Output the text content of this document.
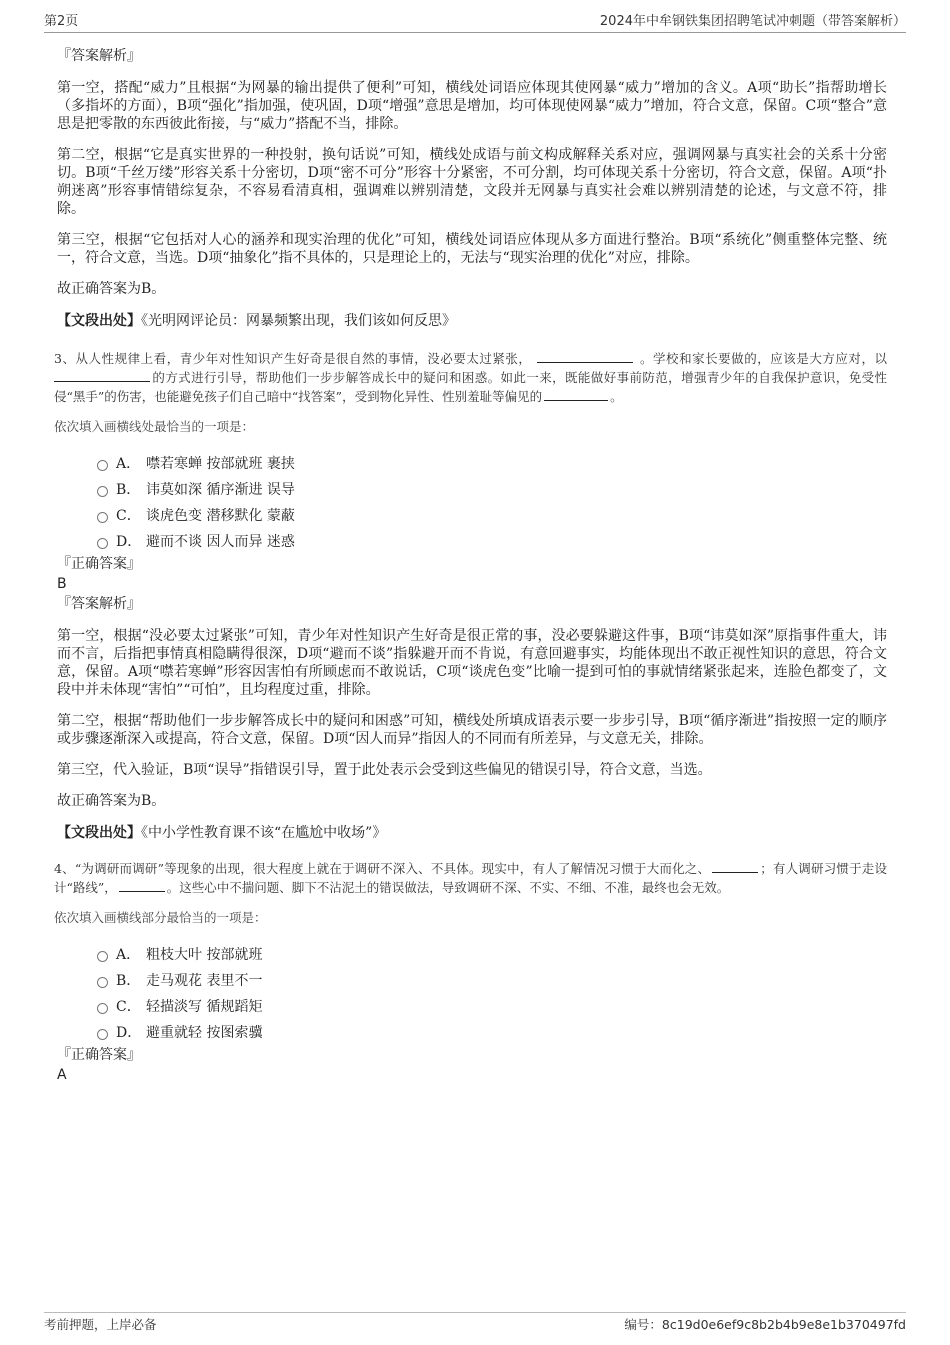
第2页	2024年中牟钢铁集团招聘笔试冲刺题（带答案解析）

『答案解析』

第一空，搭配“威力”且根据“为网暴的输出提供了便利”可知，横线处词语应体现其使网暴“威力”增加的含义。A项“助长”指帮助增长（多指坏的方面），B项“强化”指加强，使巩固，D项“增强”意思是增加，均可体现使网暴“威力”增加，符合文意，保留。C项“整合”意思是把零散的东西彼此衔接，与“威力”搭配不当，排除。

第二空，根据“它是真实世界的一种投射，换句话说”可知，横线处成语与前文构成解释关系对应，强调网暴与真实社会的关系十分密切。B项“千丝万缕”形容关系十分密切，D项“密不可分”形容十分紧密，不可分割，均可体现关系十分密切，符合文意，保留。A项“扑朔迷离”形容事情错综复杂，不容易看清真相，强调难以辨别清楚，文段并无网暴与真实社会难以辨别清楚的论述，与文意不符，排除。

第三空，根据“它包括对人心的涵养和现实治理的优化”可知，横线处词语应体现从多方面进行整治。B项“系统化”侧重整体完整、统一，符合文意，当选。D项“抽象化”指不具体的，只是理论上的，无法与“现实治理的优化”对应，排除。

故正确答案为B。

【文段出处】《光明网评论员：网暴频繁出现，我们该如何反思》

3、从人性规律上看，青少年对性知识产生好奇是很自然的事情，没必要太过紧张，	。学校和家长要做的，应该是大方应对，以的方式进行引导，帮助他们一步步解答成长中的疑问和困惑。如此一来，既能做好事前防范，增强青少年的自我保护意识，免受性侵“黑手”的伤害，也能避免孩子们自己暗中“找答案”，受到物化异性、性别羞耻等偏见的	。

依次填入画横线处最恰当的一项是：

A． 噤若寒蝉 按部就班 裹挟
B． 讳莫如深 循序渐进 误导
C． 谈虎色变 潜移默化 蒙蔽
D． 避而不谈 因人而异 迷惑

『正确答案』

B

『答案解析』

第一空，根据“没必要太过紧张”可知，青少年对性知识产生好奇是很正常的事，没必要躲避这件事，B项“讳莫如深”原指事件重大，讳而不言，后指把事情真相隐瞒得很深，D项“避而不谈”指躲避开而不肯说，有意回避事实，均能体现出不敢正视性知识的意思，符合文意，保留。A项“噤若寒蝉”形容因害怕有所顾虑而不敢说话，C项“谈虎色变”比喻一提到可怕的事就情绪紧张起来，连脸色都变了，文段中并未体现“害怕”“可怕”，且均程度过重，排除。

第二空，根据“帮助他们一步步解答成长中的疑问和困惑”可知，横线处所填成语表示要一步步引导，B项“循序渐进”指按照一定的顺序或步骤逐渐深入或提高，符合文意，保留。D项“因人而异”指因人的不同而有所差异，与文意无关，排除。

第三空，代入验证，B项“误导”指错误引导，置于此处表示会受到这些偏见的错误引导，符合文意，当选。

故正确答案为B。

【文段出处】《中小学性教育课不该“在尴尬中收场”》

4、“为调研而调研”等现象的出现，很大程度上就在于调研不深入、不具体。现实中，有人了解情况习惯于大而化之、	；有人调研习惯于走设计“路线”，	。这些心中不揣问题、脚下不沾泥土的错误做法，导致调研不深、不实、不细、不准，最终也会无效。

依次填入画横线部分最恰当的一项是：

A． 粗枝大叶 按部就班
B． 走马观花 表里不一
C． 轻描淡写 循规蹈矩
D． 避重就轻 按图索骥

『正确答案』

A

考前押题，上岸必备	编号：8c19d0e6ef9c8b2b4b9e8e1b370497fd
